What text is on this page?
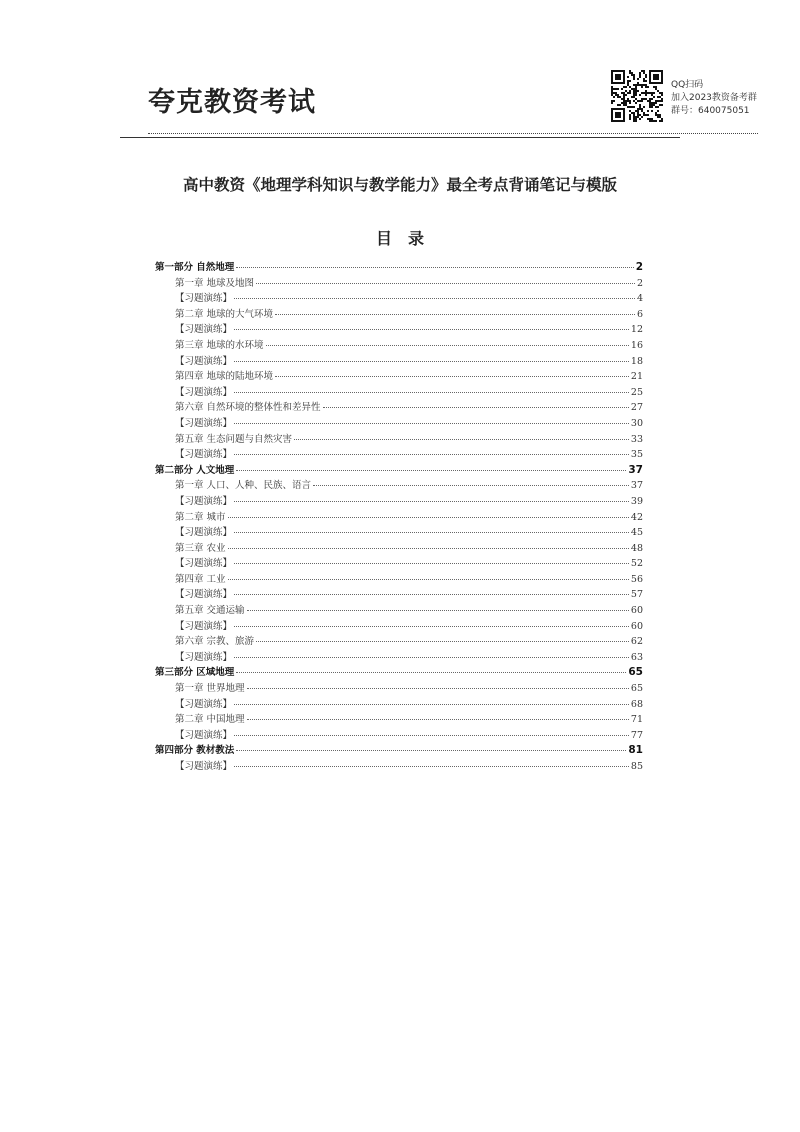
夸克教资考试
QQ扫码
加入2023教资备考群
群号：640075051
高中教资《地理学科知识与教学能力》最全考点背诵笔记与模版
目录
第一部分 自然地理	2
第一章 地球及地图	2
【习题演练】	4
第二章 地球的大气环境	6
【习题演练】	12
第三章 地球的水环境	16
【习题演练】	18
第四章 地球的陆地环境	21
【习题演练】	25
第六章 自然环境的整体性和差异性	27
【习题演练】	30
第五章 生态问题与自然灾害	33
【习题演练】	35
第二部分 人文地理	37
第一章 人口、人种、民族、语言	37
【习题演练】	39
第二章 城市	42
【习题演练】	45
第三章 农业	48
【习题演练】	52
第四章 工业	56
【习题演练】	57
第五章 交通运输	60
【习题演练】	60
第六章 宗教、旅游	62
【习题演练】	63
第三部分 区域地理	65
第一章 世界地理	65
【习题演练】	68
第二章 中国地理	71
【习题演练】	77
第四部分 教材教法	81
【习题演练】	85
